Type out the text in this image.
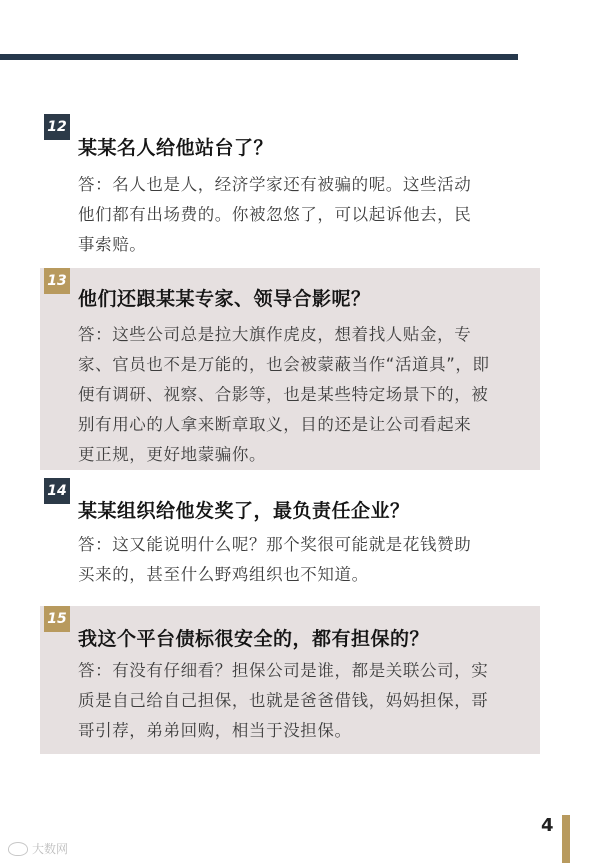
12
某某名人给他站台了？
答：名人也是人，经济学家还有被骗的呢。这些活动
他们都有出场费的。你被忽悠了，可以起诉他去，民
事索赔。
13
他们还跟某某专家、领导合影呢？
答：这些公司总是拉大旗作虎皮，想着找人贴金，专
家、官员也不是万能的，也会被蒙蔽当作“活道具”，即
便有调研、视察、合影等，也是某些特定场景下的，被
别有用心的人拿来断章取义，目的还是让公司看起来
更正规，更好地蒙骗你。
14
某某组织给他发奖了，最负责任企业？
答：这又能说明什么呢？那个奖很可能就是花钱赞助
买来的，甚至什么野鸡组织也不知道。
15
我这个平台债标很安全的，都有担保的？
答：有没有仔细看？担保公司是谁，都是关联公司，实
质是自己给自己担保，也就是爸爸借钱，妈妈担保，哥
哥引荐，弟弟回购，相当于没担保。
4
大数网
